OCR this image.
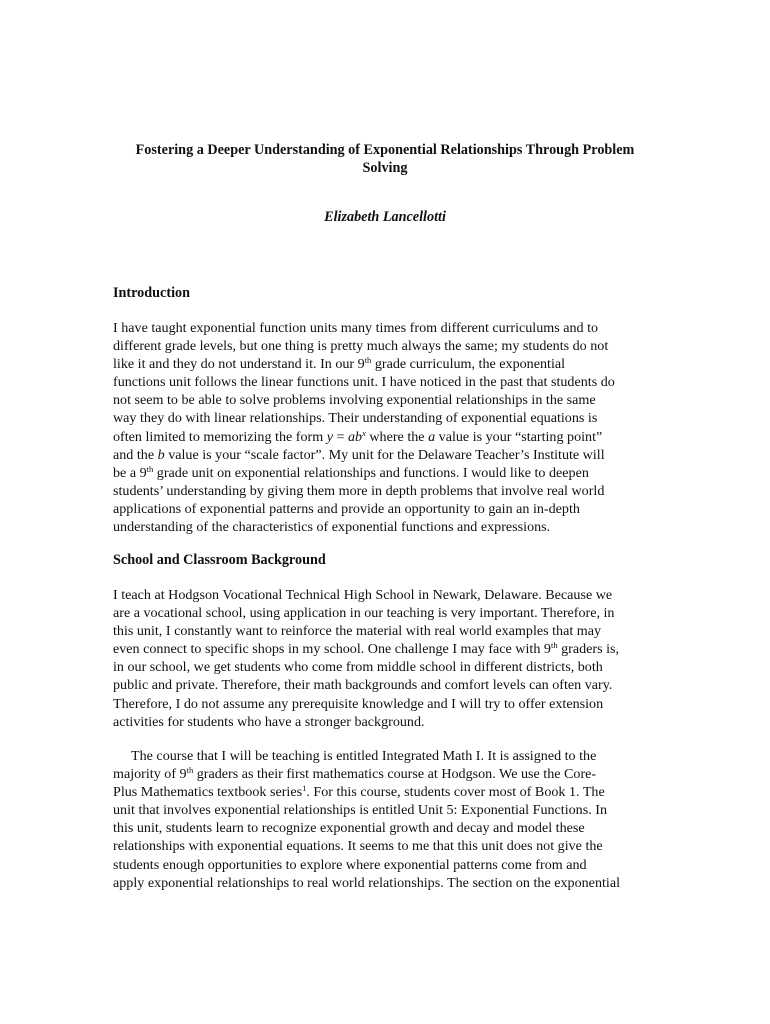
Fostering a Deeper Understanding of Exponential Relationships Through Problem
Solving

Elizabeth Lancellotti

Introduction

I have taught exponential function units many times from different curriculums and to
different grade levels, but one thing is pretty much always the same; my students do not
like it and they do not understand it. In our 9th grade curriculum, the exponential
functions unit follows the linear functions unit. I have noticed in the past that students do
not seem to be able to solve problems involving exponential relationships in the same
way they do with linear relationships. Their understanding of exponential equations is
often limited to memorizing the form $y = ab^x$ where the a value is your “starting point”
and the b value is your “scale factor”. My unit for the Delaware Teacher’s Institute will
be a 9th grade unit on exponential relationships and functions. I would like to deepen
students’ understanding by giving them more in depth problems that involve real world
applications of exponential patterns and provide an opportunity to gain an in-depth
understanding of the characteristics of exponential functions and expressions.

School and Classroom Background

I teach at Hodgson Vocational Technical High School in Newark, Delaware. Because we
are a vocational school, using application in our teaching is very important. Therefore, in
this unit, I constantly want to reinforce the material with real world examples that may
even connect to specific shops in my school. One challenge I may face with 9th graders is,
in our school, we get students who come from middle school in different districts, both
public and private. Therefore, their math backgrounds and comfort levels can often vary.
Therefore, I do not assume any prerequisite knowledge and I will try to offer extension
activities for students who have a stronger background.

The course that I will be teaching is entitled Integrated Math I. It is assigned to the
majority of 9th graders as their first mathematics course at Hodgson. We use the Core-
Plus Mathematics textbook series$^1$. For this course, students cover most of Book 1. The
unit that involves exponential relationships is entitled Unit 5: Exponential Functions. In
this unit, students learn to recognize exponential growth and decay and model these
relationships with exponential equations. It seems to me that this unit does not give the
students enough opportunities to explore where exponential patterns come from and
apply exponential relationships to real world relationships. The section on the exponential
